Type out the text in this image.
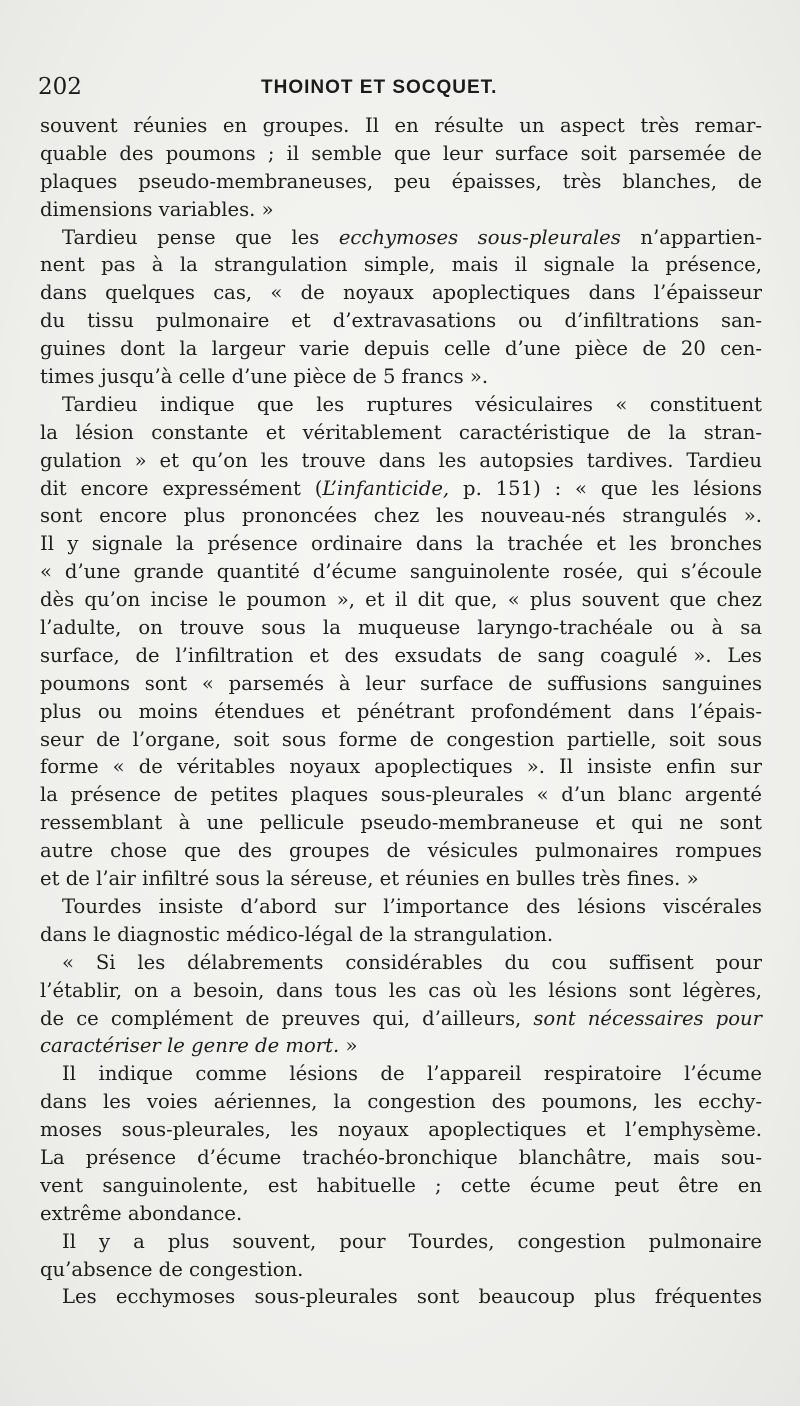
202	THOINOT ET SOCQUET.
souvent réunies en groupes. Il en résulte un aspect très remar-
quable des poumons ; il semble que leur surface soit parsemée de
plaques pseudo-membraneuses, peu épaisses, très blanches, de
dimensions variables. »
Tardieu pense que les ecchymoses sous-pleurales n’appartien-
nent pas à la strangulation simple, mais il signale la présence,
dans quelques cas, « de noyaux apoplectiques dans l’épaisseur
du tissu pulmonaire et d’extravasations ou d’infiltrations san-
guines dont la largeur varie depuis celle d’une pièce de 20 cen-
times jusqu’à celle d’une pièce de 5 francs ».
Tardieu indique que les ruptures vésiculaires « constituent
la lésion constante et véritablement caractéristique de la stran-
gulation » et qu’on les trouve dans les autopsies tardives. Tardieu
dit encore expressément (L’infanticide, p. 151) : « que les lésions
sont encore plus prononcées chez les nouveau-nés strangulés ».
Il y signale la présence ordinaire dans la trachée et les bronches
« d’une grande quantité d’écume sanguinolente rosée, qui s’écoule
dès qu’on incise le poumon », et il dit que, « plus souvent que chez
l’adulte, on trouve sous la muqueuse laryngo-trachéale ou à sa
surface, de l’infiltration et des exsudats de sang coagulé ». Les
poumons sont « parsemés à leur surface de suffusions sanguines
plus ou moins étendues et pénétrant profondément dans l’épais-
seur de l’organe, soit sous forme de congestion partielle, soit sous
forme « de véritables noyaux apoplectiques ». Il insiste enfin sur
la présence de petites plaques sous-pleurales « d’un blanc argenté
ressemblant à une pellicule pseudo-membraneuse et qui ne sont
autre chose que des groupes de vésicules pulmonaires rompues
et de l’air infiltré sous la séreuse, et réunies en bulles très fines. »
Tourdes insiste d’abord sur l’importance des lésions viscérales
dans le diagnostic médico-légal de la strangulation.
« Si les délabrements considérables du cou suffisent pour
l’établir, on a besoin, dans tous les cas où les lésions sont légères,
de ce complément de preuves qui, d’ailleurs, sont nécessaires pour
caractériser le genre de mort. »
Il indique comme lésions de l’appareil respiratoire l’écume
dans les voies aériennes, la congestion des poumons, les ecchy-
moses sous-pleurales, les noyaux apoplectiques et l’emphysème.
La présence d’écume trachéo-bronchique blanchâtre, mais sou-
vent sanguinolente, est habituelle ; cette écume peut être en
extrême abondance.
Il y a plus souvent, pour Tourdes, congestion pulmonaire
qu’absence de congestion.
Les ecchymoses sous-pleurales sont beaucoup plus fréquentes
